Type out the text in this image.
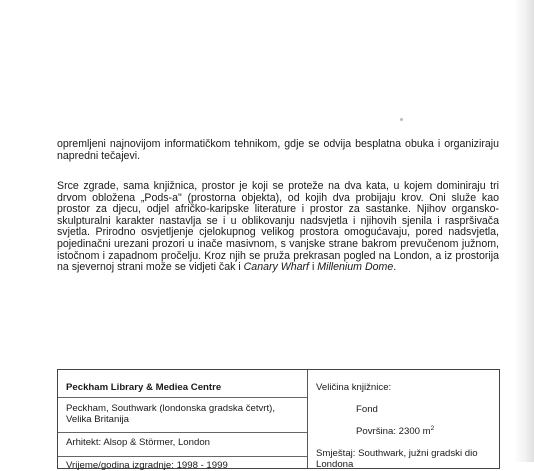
opremljeni najnovijom informatičkom tehnikom, gdje se odvija besplatna obuka i organiziraju napredni tečajevi.

Srce zgrade, sama knjižnica, prostor je koji se proteže na dva kata, u kojem dominiraju tri drvom obložena „Pods-a" (prostorna objekta), od kojih dva probijaju krov. Oni služe kao prostor za djecu, odjel afričko-karipske literature i prostor za sastanke. Njihov organsko-skulpturalni karakter nastavlja se i u oblikovanju nadsvjetla i njihovih sjenila i raspršivača svjetla. Prirodno osvjetljenje cjelokupnog velikog prostora omogućavaju, pored nadsvjetla, pojedinačni urezani prozori u inače masivnom, s vanjske strane bakrom prevučenom južnom, istočnom i zapadnom pročelju. Kroz njih se pruža prekrasan pogled na London, a iz prostorija na sjevernoj strani može se vidjeti čak i Canary Wharf i Millenium Dome.

Peckham Library & Mediea Centre
Peckham, Southwark (londonska gradska četvrt), Velika Britanija
Arhitekt: Alsop & Störmer, London
Vrijeme/godina izgradnje: 1998 - 1999
Veličina knjižnice:
Fond
Površina: 2300 $m^2$
Smještaj: Southwark, južni gradski dio Londona
